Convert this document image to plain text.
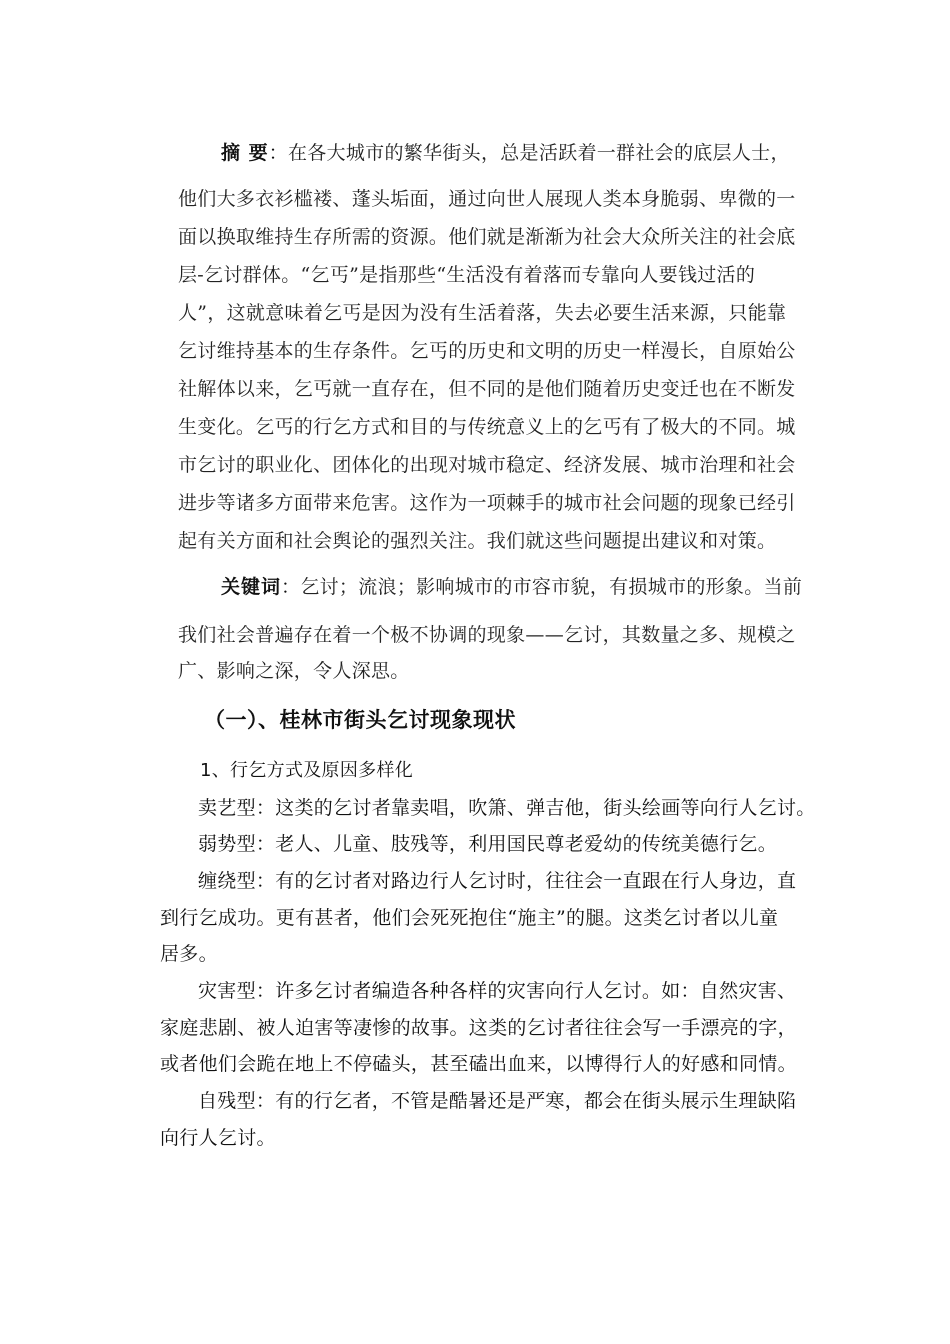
摘 要：在各大城市的繁华街头，总是活跃着一群社会的底层人士，
他们大多衣衫槛褛、蓬头垢面，通过向世人展现人类本身脆弱、卑微的一
面以换取维持生存所需的资源。他们就是渐渐为社会大众所关注的社会底
层-乞讨群体。“乞丐”是指那些“生活没有着落而专靠向人要钱过活的
人”，这就意味着乞丐是因为没有生活着落，失去必要生活来源，只能靠
乞讨维持基本的生存条件。乞丐的历史和文明的历史一样漫长，自原始公
社解体以来，乞丐就一直存在，但不同的是他们随着历史变迁也在不断发
生变化。乞丐的行乞方式和目的与传统意义上的乞丐有了极大的不同。城
市乞讨的职业化、团体化的出现对城市稳定、经济发展、城市治理和社会
进步等诸多方面带来危害。这作为一项棘手的城市社会问题的现象已经引
起有关方面和社会舆论的强烈关注。我们就这些问题提出建议和对策。
关键词：乞讨；流浪；影响城市的市容市貌，有损城市的形象。当前
我们社会普遍存在着一个极不协调的现象——乞讨，其数量之多、规模之
广、影响之深，令人深思。
（一）、桂林市街头乞讨现象现状
1、行乞方式及原因多样化
卖艺型：这类的乞讨者靠卖唱，吹箫、弹吉他，街头绘画等向行人乞讨。
弱势型：老人、儿童、肢残等，利用国民尊老爱幼的传统美德行乞。
缠绕型：有的乞讨者对路边行人乞讨时，往往会一直跟在行人身边，直
到行乞成功。更有甚者，他们会死死抱住“施主”的腿。这类乞讨者以儿童
居多。
灾害型：许多乞讨者编造各种各样的灾害向行人乞讨。如：自然灾害、
家庭悲剧、被人迫害等凄惨的故事。这类的乞讨者往往会写一手漂亮的字，
或者他们会跪在地上不停磕头，甚至磕出血来，以博得行人的好感和同情。
自残型：有的行乞者，不管是酷暑还是严寒，都会在街头展示生理缺陷
向行人乞讨。
